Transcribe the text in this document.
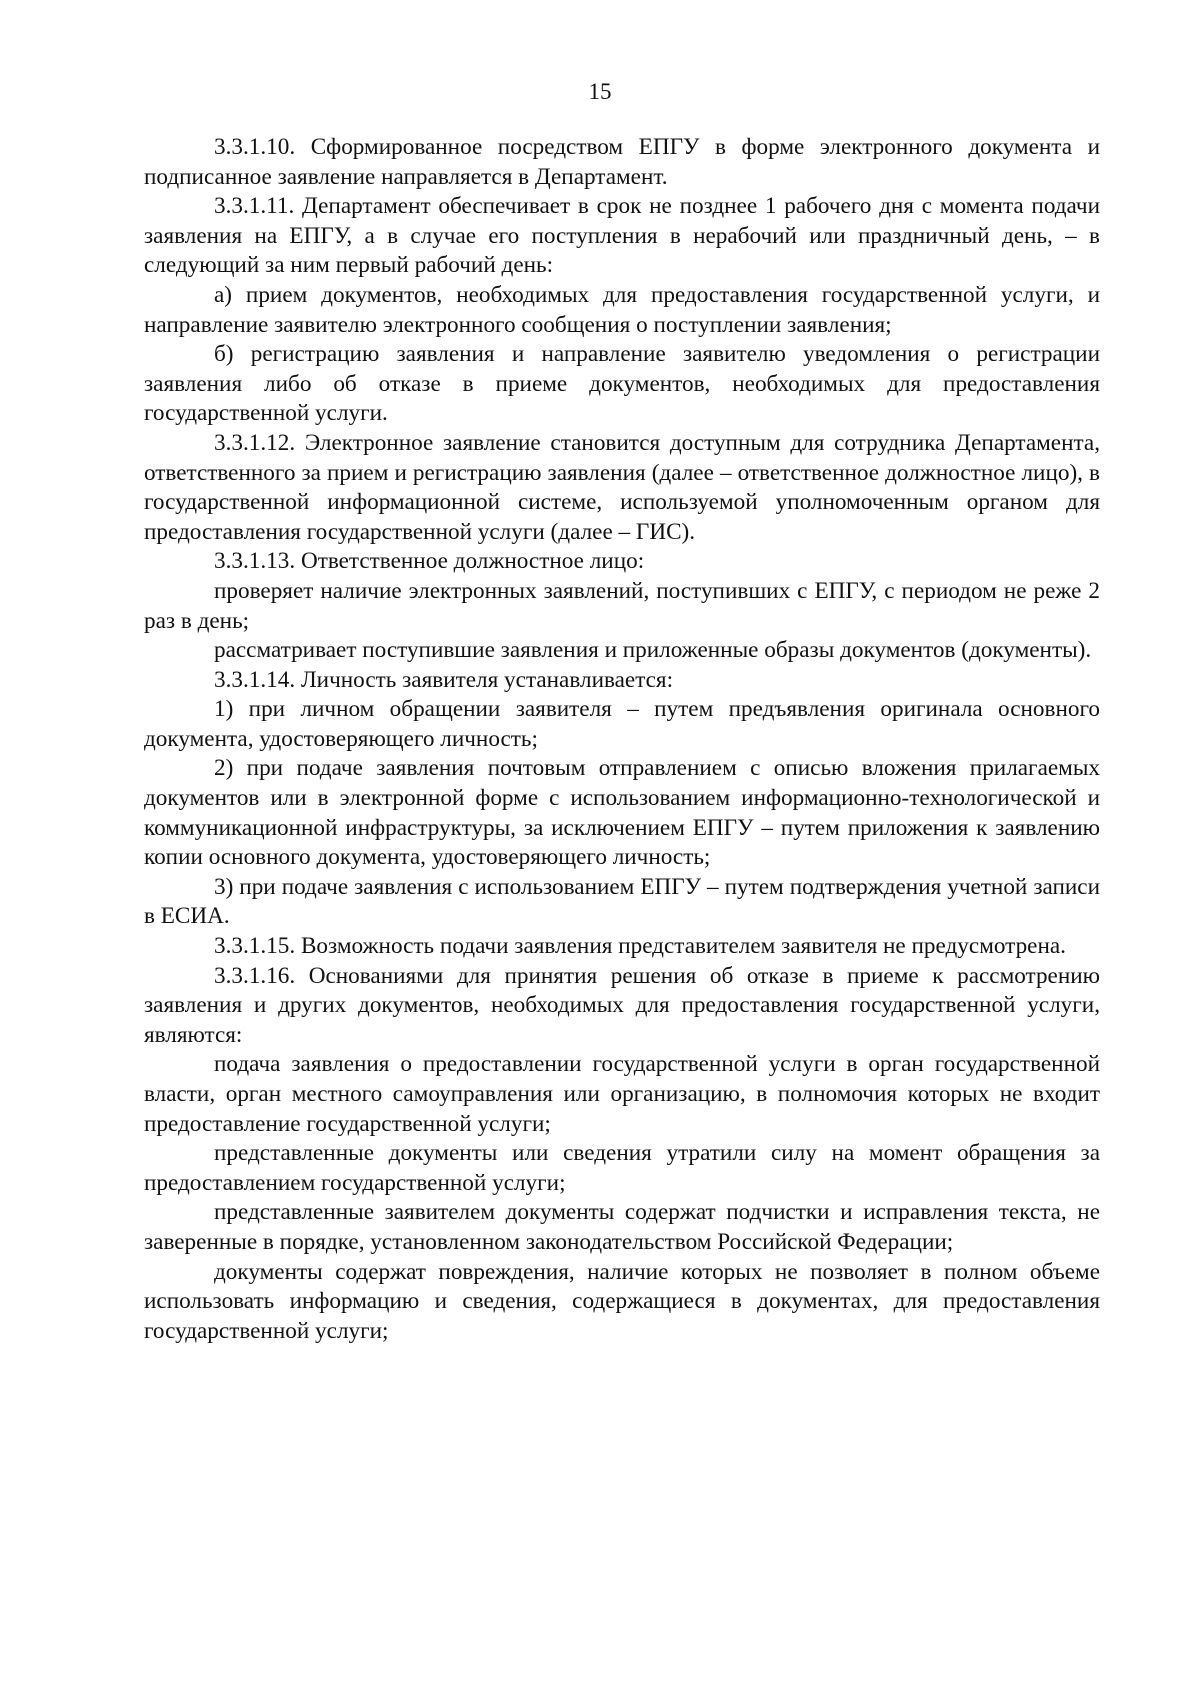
15

3.3.1.10. Сформированное посредством ЕПГУ в форме электронного документа и подписанное заявление направляется в Департамент.

3.3.1.11. Департамент обеспечивает в срок не позднее 1 рабочего дня с момента подачи заявления на ЕПГУ, а в случае его поступления в нерабочий или праздничный день, – в следующий за ним первый рабочий день:

а) прием документов, необходимых для предоставления государственной услуги, и направление заявителю электронного сообщения о поступлении заявления;

б) регистрацию заявления и направление заявителю уведомления о регистрации заявления либо об отказе в приеме документов, необходимых для предоставления государственной услуги.

3.3.1.12. Электронное заявление становится доступным для сотрудника Департамента, ответственного за прием и регистрацию заявления (далее – ответственное должностное лицо), в государственной информационной системе, используемой уполномоченным органом для предоставления государственной услуги (далее – ГИС).

3.3.1.13. Ответственное должностное лицо:

проверяет наличие электронных заявлений, поступивших с ЕПГУ, с периодом не реже 2 раз в день;

рассматривает поступившие заявления и приложенные образы документов (документы).

3.3.1.14. Личность заявителя устанавливается:

1) при личном обращении заявителя – путем предъявления оригинала основного документа, удостоверяющего личность;

2) при подаче заявления почтовым отправлением с описью вложения прилагаемых документов или в электронной форме с использованием информационно-технологической и коммуникационной инфраструктуры, за исключением ЕПГУ – путем приложения к заявлению копии основного документа, удостоверяющего личность;

3) при подаче заявления с использованием ЕПГУ – путем подтверждения учетной записи в ЕСИА.

3.3.1.15. Возможность подачи заявления представителем заявителя не предусмотрена.

3.3.1.16. Основаниями для принятия решения об отказе в приеме к рассмотрению заявления и других документов, необходимых для предоставления государственной услуги, являются:

подача заявления о предоставлении государственной услуги в орган государственной власти, орган местного самоуправления или организацию, в полномочия которых не входит предоставление государственной услуги;

представленные документы или сведения утратили силу на момент обращения за предоставлением государственной услуги;

представленные заявителем документы содержат подчистки и исправления текста, не заверенные в порядке, установленном законодательством Российской Федерации;

документы содержат повреждения, наличие которых не позволяет в полном объеме использовать информацию и сведения, содержащиеся в документах, для предоставления государственной услуги;
